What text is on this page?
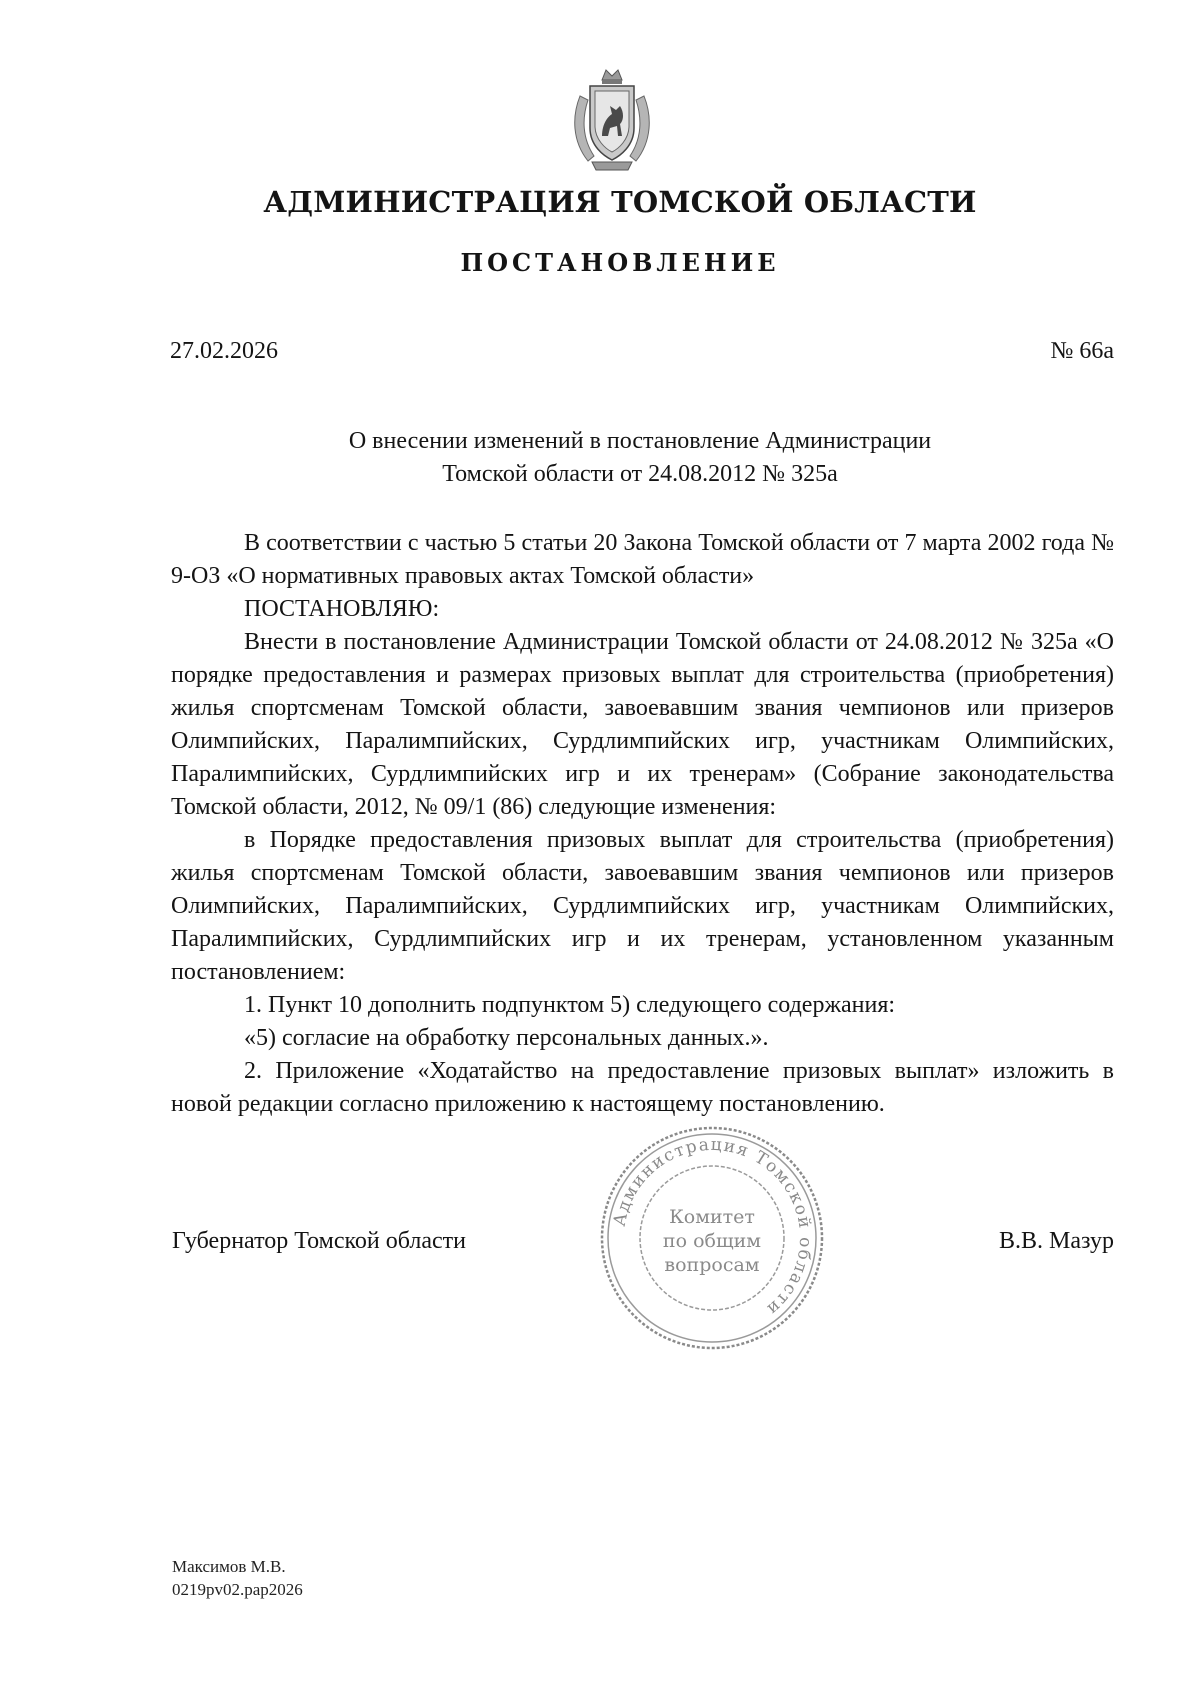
АДМИНИСТРАЦИЯ ТОМСКОЙ ОБЛАСТИ
ПОСТАНОВЛЕНИЕ
27.02.2026	№ 66а
О внесении изменений в постановление Администрации
Томской области от 24.08.2012 № 325а

В соответствии с частью 5 статьи 20 Закона Томской области от 7 марта 2002 года № 9-ОЗ «О нормативных правовых актах Томской области»

ПОСТАНОВЛЯЮ:

Внести в постановление Администрации Томской области от 24.08.2012 № 325а «О порядке предоставления и размерах призовых выплат для строительства (приобретения) жилья спортсменам Томской области, завоевавшим звания чемпионов или призеров Олимпийских, Паралимпийских, Сурдлимпийских игр, участникам Олимпийских, Паралимпийских, Сурдлимпийских игр и их тренерам» (Собрание законодательства Томской области, 2012, № 09/1 (86) следующие изменения:

в Порядке предоставления призовых выплат для строительства (приобретения) жилья спортсменам Томской области, завоевавшим звания чемпионов или призеров Олимпийских, Паралимпийских, Сурдлимпийских игр, участникам Олимпийских, Паралимпийских, Сурдлимпийских игр и их тренерам, установленном указанным постановлением:

1. Пункт 10 дополнить подпунктом 5) следующего содержания:

«5) согласие на обработку персональных данных.».

2. Приложение «Ходатайство на предоставление призовых выплат» изложить в новой редакции согласно приложению к настоящему постановлению.

Администрация Томской области
Комитет
по общим
вопросам
Губернатор Томской области	В.В. Мазур
Максимов М.В.
0219pv02.pap2026
